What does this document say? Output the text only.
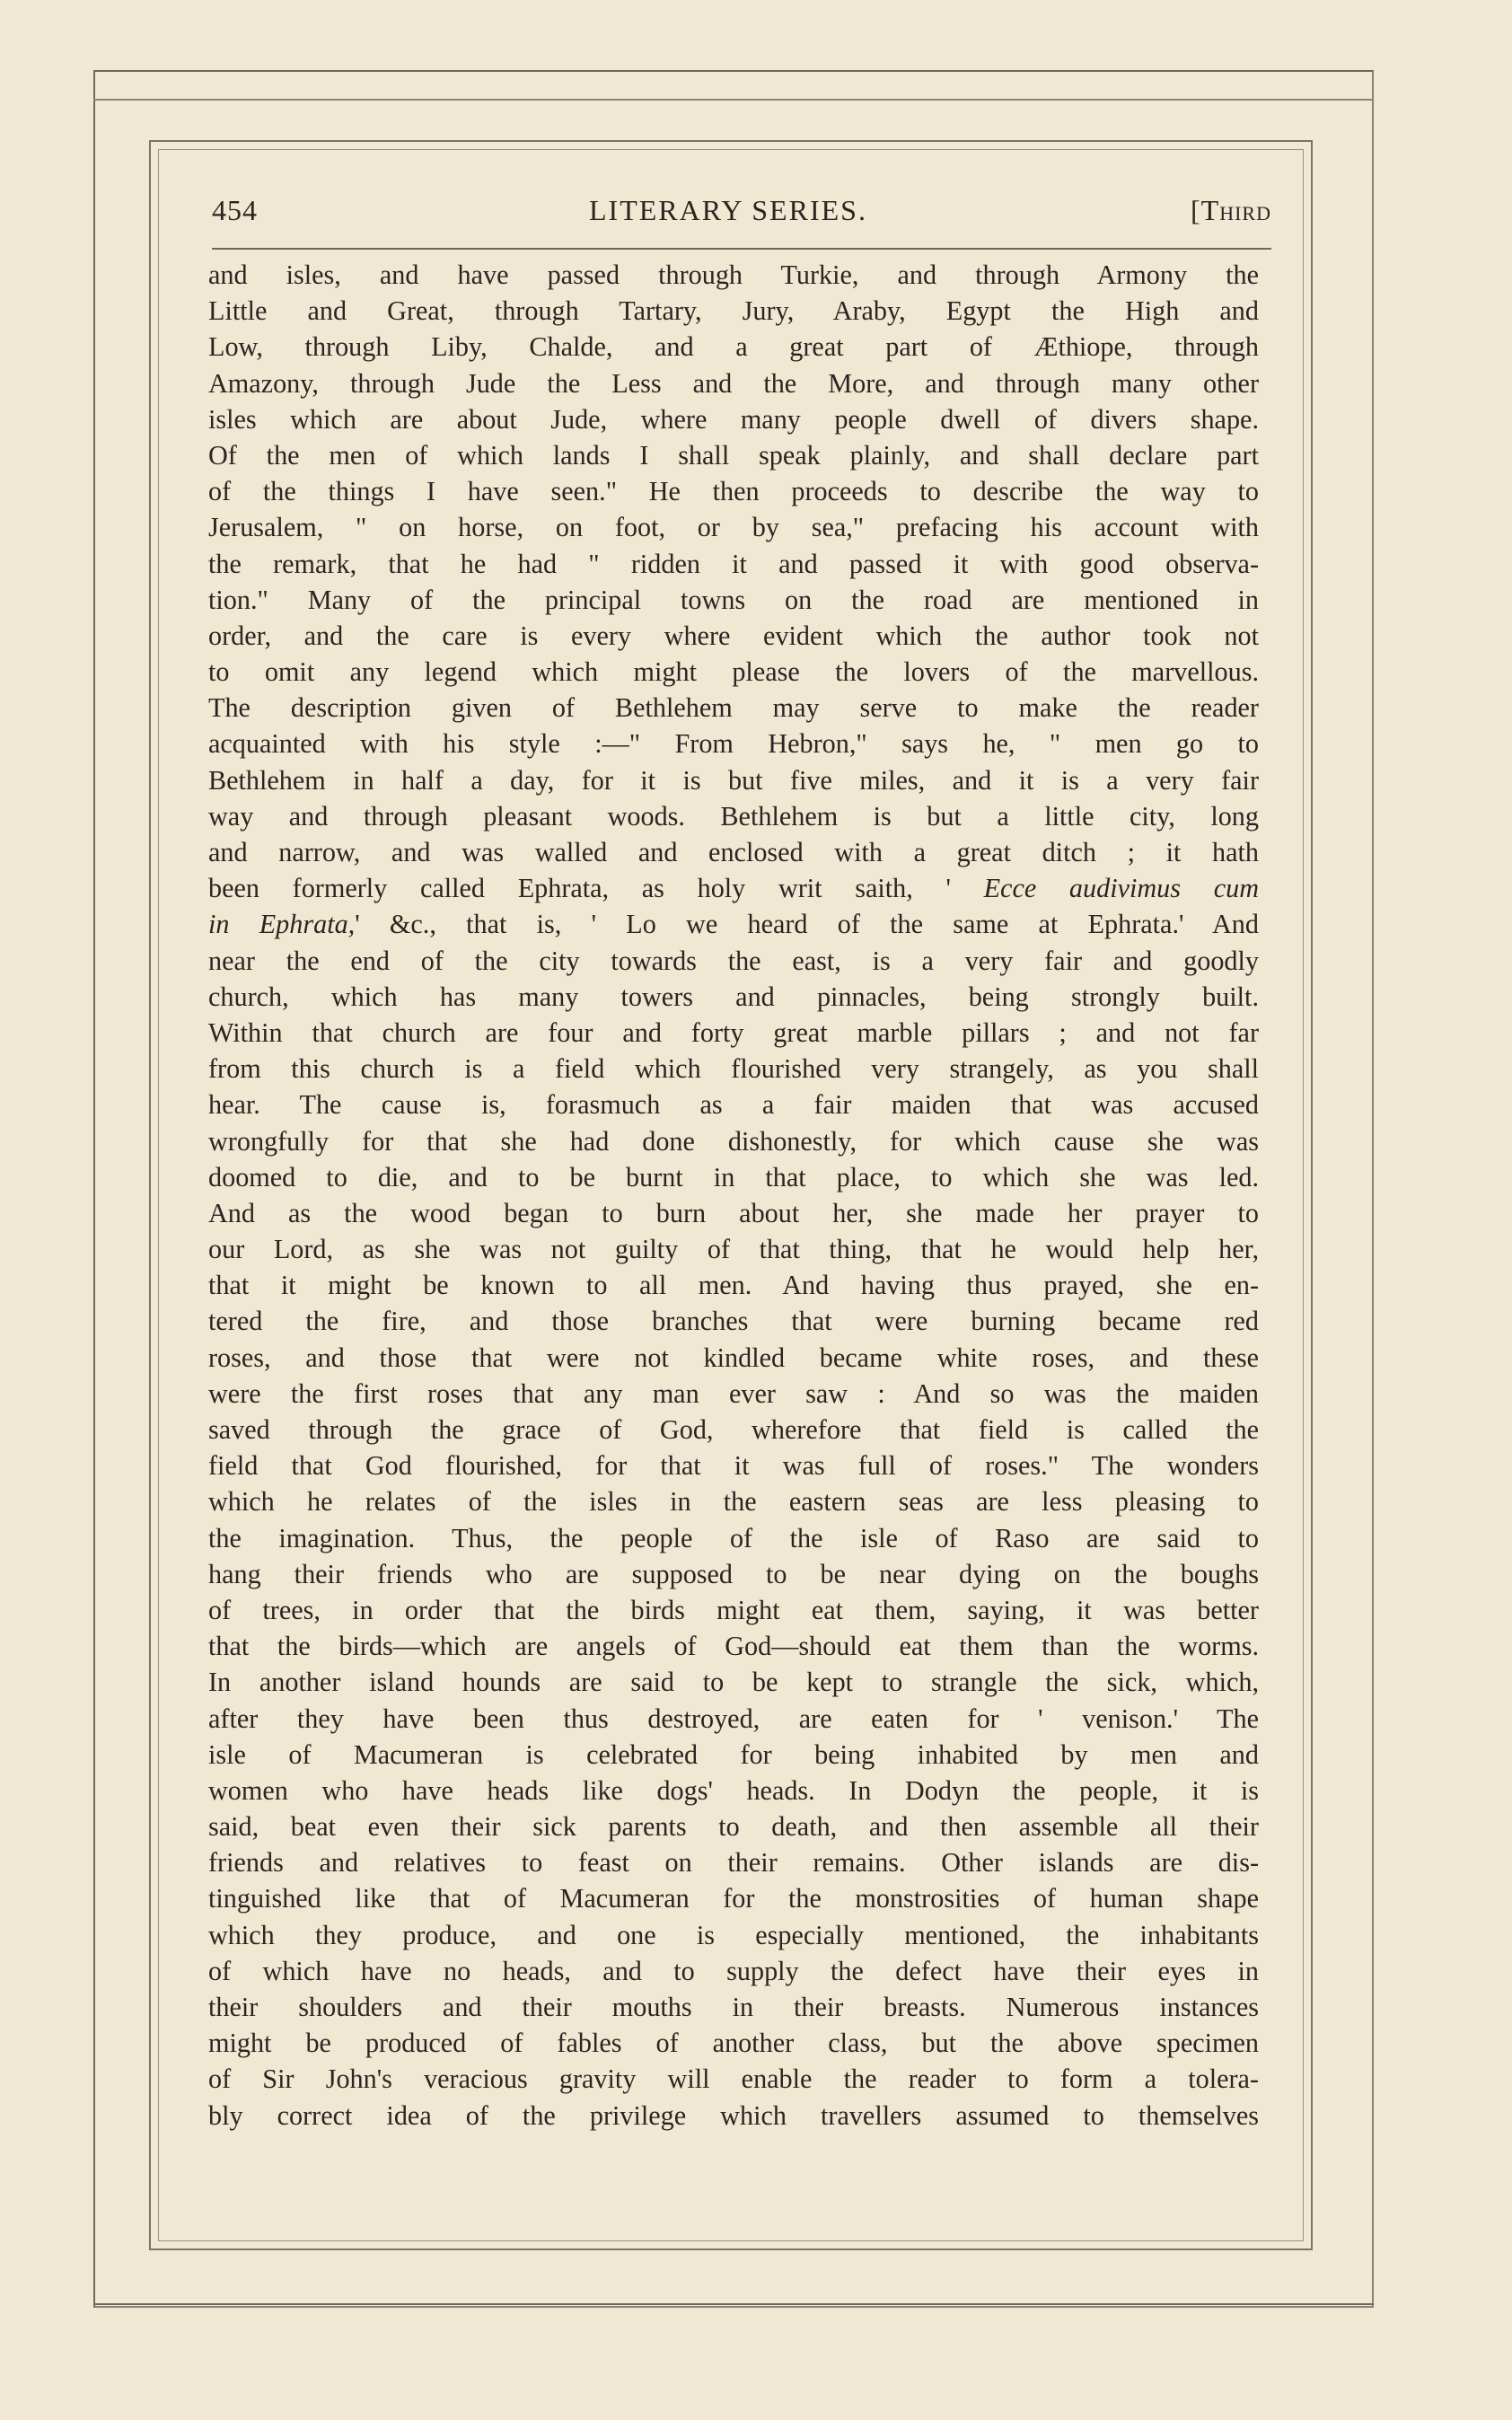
454	LITERARY SERIES.	[Third
and isles, and have passed through Turkie, and through Armony the
Little and Great, through Tartary, Jury, Araby, Egypt the High and
Low, through Liby, Chalde, and a great part of Æthiope, through
Amazony, through Jude the Less and the More, and through many other
isles which are about Jude, where many people dwell of divers shape.
Of the men of which lands I shall speak plainly, and shall declare part
of the things I have seen." He then proceeds to describe the way to
Jerusalem, " on horse, on foot, or by sea," prefacing his account with
the remark, that he had " ridden it and passed it with good observa-
tion." Many of the principal towns on the road are mentioned in
order, and the care is every where evident which the author took not
to omit any legend which might please the lovers of the marvellous.
The description given of Bethlehem may serve to make the reader
acquainted with his style :—" From Hebron," says he, " men go to
Bethlehem in half a day, for it is but five miles, and it is a very fair
way and through pleasant woods. Bethlehem is but a little city, long
and narrow, and was walled and enclosed with a great ditch ; it hath
been formerly called Ephrata, as holy writ saith, ' Ecce audivimus cum
in Ephrata,' &c., that is, ' Lo we heard of the same at Ephrata.' And
near the end of the city towards the east, is a very fair and goodly
church, which has many towers and pinnacles, being strongly built.
Within that church are four and forty great marble pillars ; and not far
from this church is a field which flourished very strangely, as you shall
hear. The cause is, forasmuch as a fair maiden that was accused
wrongfully for that she had done dishonestly, for which cause she was
doomed to die, and to be burnt in that place, to which she was led.
And as the wood began to burn about her, she made her prayer to
our Lord, as she was not guilty of that thing, that he would help her,
that it might be known to all men. And having thus prayed, she en-
tered the fire, and those branches that were burning became red
roses, and those that were not kindled became white roses, and these
were the first roses that any man ever saw : And so was the maiden
saved through the grace of God, wherefore that field is called the
field that God flourished, for that it was full of roses." The wonders
which he relates of the isles in the eastern seas are less pleasing to
the imagination. Thus, the people of the isle of Raso are said to
hang their friends who are supposed to be near dying on the boughs
of trees, in order that the birds might eat them, saying, it was better
that the birds—which are angels of God—should eat them than the worms.
In another island hounds are said to be kept to strangle the sick, which,
after they have been thus destroyed, are eaten for ' venison.' The
isle of Macumeran is celebrated for being inhabited by men and
women who have heads like dogs' heads. In Dodyn the people, it is
said, beat even their sick parents to death, and then assemble all their
friends and relatives to feast on their remains. Other islands are dis-
tinguished like that of Macumeran for the monstrosities of human shape
which they produce, and one is especially mentioned, the inhabitants
of which have no heads, and to supply the defect have their eyes in
their shoulders and their mouths in their breasts. Numerous instances
might be produced of fables of another class, but the above specimen
of Sir John's veracious gravity will enable the reader to form a tolera-
bly correct idea of the privilege which travellers assumed to themselves
